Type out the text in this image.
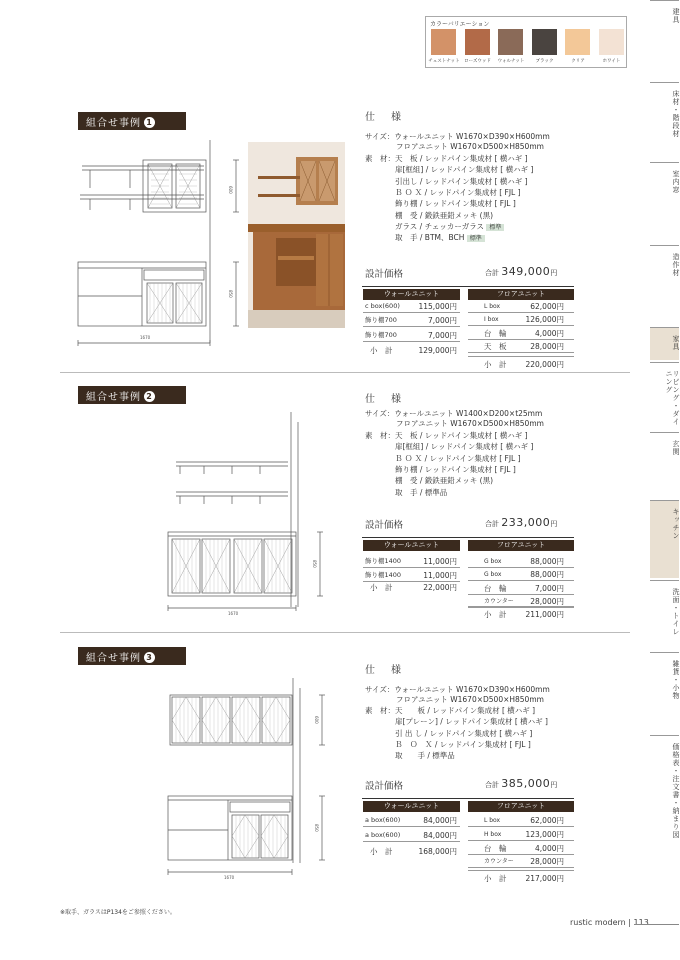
建具
床材・階段材
室内窓
造作材
家具
リビング・ダイニング
玄関
キッチン
洗面・トイレ
雑貨・小物
価格表・注文書・納まり図
カラーバリエーション
チェストナット	ローズウッド	ウォルナット	ブラック	クリア	ホワイト
組合せ事例 1	仕　様
サイズ：ウォールユニット W1670×D390×H600mm
フロアユニット W1670×D500×H850mm
素　材：天　板 / レッドパイン集成材 [ 横ハギ ]
扉[框組] / レッドパイン集成材 [ 横ハギ ]
引出し / レッドパイン集成材 [ 横ハギ ]
Ｂ Ｏ Ｘ / レッドパイン集成材 [ FJL ]
飾り棚 / レッドパイン集成材 [ FJL ]
棚　受 / 鍛鉄亜鉛メッキ (黒)
ガラス / チェッカーガラス 標準
取　手 / BTM、BCH 標準
設計価格	合計 349,000円
ウォールユニット	フロアユニット
c box(600) 115,000円
飾り棚700	7,000円
飾り棚700	7,000円
小　計	129,000円
L box	62,000円
I box	126,000円
台　輪	4,000円
天　板	28,000円
小　計	220,000円
組合せ事例 2	仕　様
サイズ：ウォールユニット W1400×D200×t25mm
フロアユニット W1670×D500×H850mm
素　材：天　板 / レッドパイン集成材 [ 横ハギ ]
扉[框組] / レッドパイン集成材 [ 横ハギ ]
Ｂ Ｏ Ｘ / レッドパイン集成材 [ FJL ]
飾り棚 / レッドパイン集成材 [ FJL ]
棚　受 / 鍛鉄亜鉛メッキ (黒)
取　手 / 標準品
設計価格	合計 233,000円
ウォールユニット	フロアユニット
飾り棚1400	11,000円
飾り棚1400	11,000円
小　計	22,000円
G box	88,000円
G box	88,000円
台　輪	7,000円
カウンター 28,000円
小　計	211,000円
組合せ事例 3
仕　様
サイズ：ウォールユニット W1670×D390×H600mm
フロアユニット W1670×D500×H850mm
素　材：天　　板 / レッドパイン集成材 [ 横ハギ ]
扉[プレーン] / レッドパイン集成材 [ 横ハギ ]
引 出 し / レッドパイン集成材 [ 横ハギ ]
Ｂ　Ｏ　Ｘ / レッドパイン集成材 [ FJL ]
取　　手 / 標準品
設計価格	合計 385,000円
ウォールユニット	フロアユニット
a box(600)	84,000円
a box(600)	84,000円
小　計	168,000円
L box	62,000円
H box	123,000円
台　輪	4,000円
カウンター 28,000円
小　計	217,000円
1670
600
850
1670
850
1670
600
850
※取手、ガラスはP134をご参照ください。
rustic modern | 113
